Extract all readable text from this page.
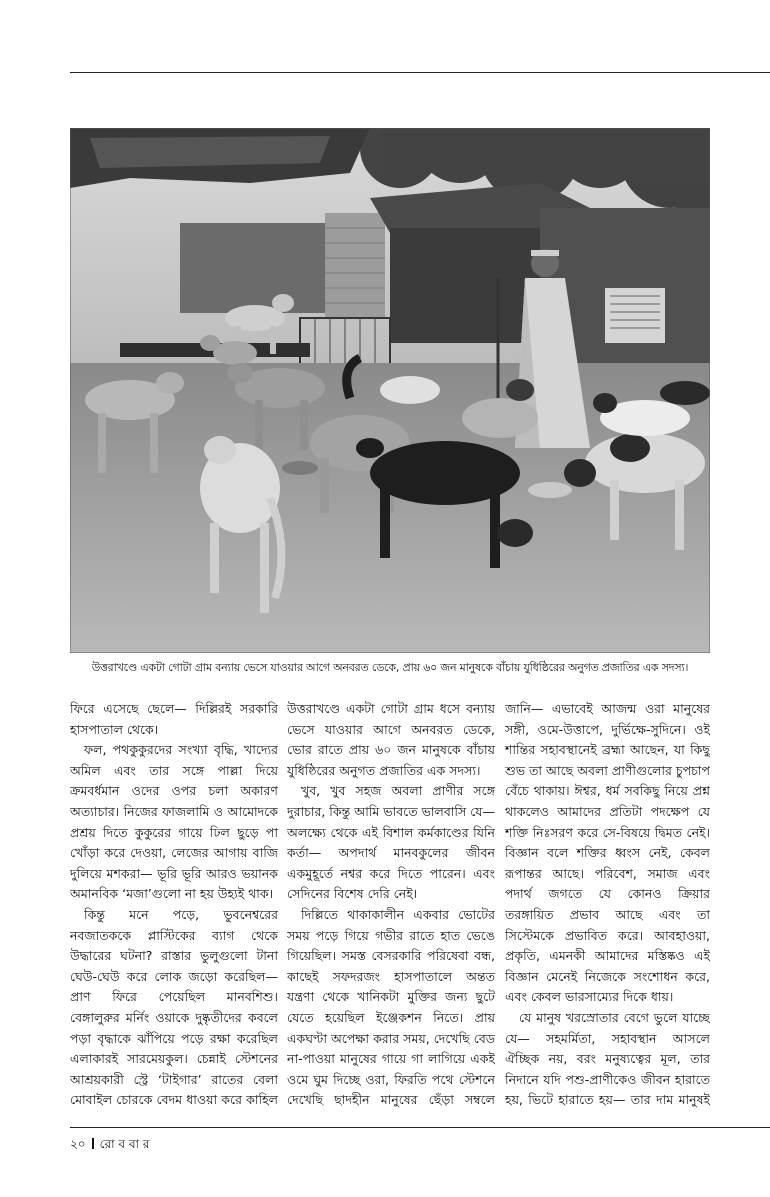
উত্তরাখণ্ডে একটা গোটা গ্রাম বন্যায় ভেসে যাওয়ার আগে অনবরত ডেকে, প্রায় ৬০ জন মানুষকে বাঁচায় যুধিষ্ঠিরের অনুগত প্রজাতির এক সদস্য।

ফিরে এসেছে ছেলে— দিল্লিরই সরকারি হাসপাতাল থেকে।

ফল, পথকুকুরদের সংখ্যা বৃদ্ধি, খাদ্যের অমিল এবং তার সঙ্গে পাল্লা দিয়ে ক্রমবর্ধমান ওদের ওপর চলা অকারণ অত্যাচার। নিজের ফাজলামি ও আমোদকে প্রশ্রয় দিতে কুকুরের গায়ে ঢিল ছুড়ে পা খোঁড়া করে দেওয়া, লেজের আগায় বাজি দুলিয়ে মশকরা— ভূরি ভূরি আরও ভয়ানক অমানবিক ‘মজা’গুলো না হয় উহ্যই থাক।

কিন্তু মনে পড়ে, ভুবনেশ্বরের নবজাতককে প্লাস্টিকের ব্যাগ থেকে উদ্ধারের ঘটনা? রাস্তার ভুলুগুলো টানা ঘেউ-ঘেউ করে লোক জড়ো করেছিল— প্রাণ ফিরে পেয়েছিল মানবশিশু। বেঙ্গালুরুর মর্নিং ওয়াকে দুষ্কৃতীদের কবলে পড়া বৃদ্ধাকে ঝাঁপিয়ে পড়ে রক্ষা করেছিল এলাকারই সারমেয়কুল। চেন্নাই স্টেশনের আশ্রয়কারী স্ট্রে ‘টাইগার’ রাতের বেলা মোবাইল চোরকে বেদম ধাওয়া করে কাহিল

উত্তরাখণ্ডে একটা গোটা গ্রাম ধসে বন্যায় ভেসে যাওয়ার আগে অনবরত ডেকে, ভোর রাতে প্রায় ৬০ জন মানুষকে বাঁচায় যুধিষ্ঠিরের অনুগত প্রজাতির এক সদস্য।

খুব, খুব সহজ অবলা প্রাণীর সঙ্গে দুরাচার, কিন্তু আমি ভাবতে ভালবাসি যে— অলক্ষ্যে থেকে এই বিশাল কর্মকাণ্ডের যিনি কর্তা— অপদার্থ মানবকুলের জীবন একমুহূর্তে নশ্বর করে দিতে পারেন। এবং সেদিনের বিশেষ দেরি নেই।

দিল্লিতে থাকাকালীন একবার ভোটের সময় পড়ে গিয়ে গভীর রাতে হাত ভেঙে গিয়েছিল। সমস্ত বেসরকারি পরিষেবা বন্ধ, কাছেই সফদরজং হাসপাতালে অন্তত যন্ত্রণা থেকে খানিকটা মুক্তির জন্য ছুটে যেতে হয়েছিল ইঞ্জেকশন নিতে। প্রায় একঘণ্টা অপেক্ষা করার সময়, দেখেছি বেড না-পাওয়া মানুষের গায়ে গা লাগিয়ে একই ওমে ঘুম দিচ্ছে ওরা, ফিরতি পথে স্টেশনে দেখেছি ছাদহীন মানুষের ছেঁড়া সম্বলে

জানি— এভাবেই আজন্ম ওরা মানুষের সঙ্গী, ওমে-উত্তাপে, দুর্ভিক্ষে-সুদিনে। ওই শান্তির সহাবস্থানেই ব্রহ্মা আছেন, যা কিছু শুভ তা আছে অবলা প্রাণীগুলোর চুপচাপ বেঁচে থাকায়। ঈশ্বর, ধর্ম সবকিছু নিয়ে প্রশ্ন থাকলেও আমাদের প্রতিটা পদক্ষেপ যে শক্তি নিঃসরণ করে সে-বিষয়ে দ্বিমত নেই। বিজ্ঞান বলে শক্তির ধ্বংস নেই, কেবল রূপান্তর আছে। পরিবেশ, সমাজ এবং পদার্থ জগতে যে কোনও ক্রিয়ার তরঙ্গায়িত প্রভাব আছে এবং তা সিস্টেমকে প্রভাবিত করে। আবহাওয়া, প্রকৃতি, এমনকী আমাদের মস্তিষ্কও এই বিজ্ঞান মেনেই নিজেকে সংশোধন করে, এবং কেবল ভারসাম্যের দিকে ধায়।

যে মানুষ খরস্রোতার বেগে ভুলে যাচ্ছে যে— সহমর্মিতা, সহাবস্থান আসলে ঐচ্ছিক নয়, বরং মনুষ্যত্বের মূল, তার নিদানে যদি পশু-প্রাণীকেও জীবন হারাতে হয়, ভিটে হারাতে হয়— তার দাম মানুষই

২০ রো ব বা র
